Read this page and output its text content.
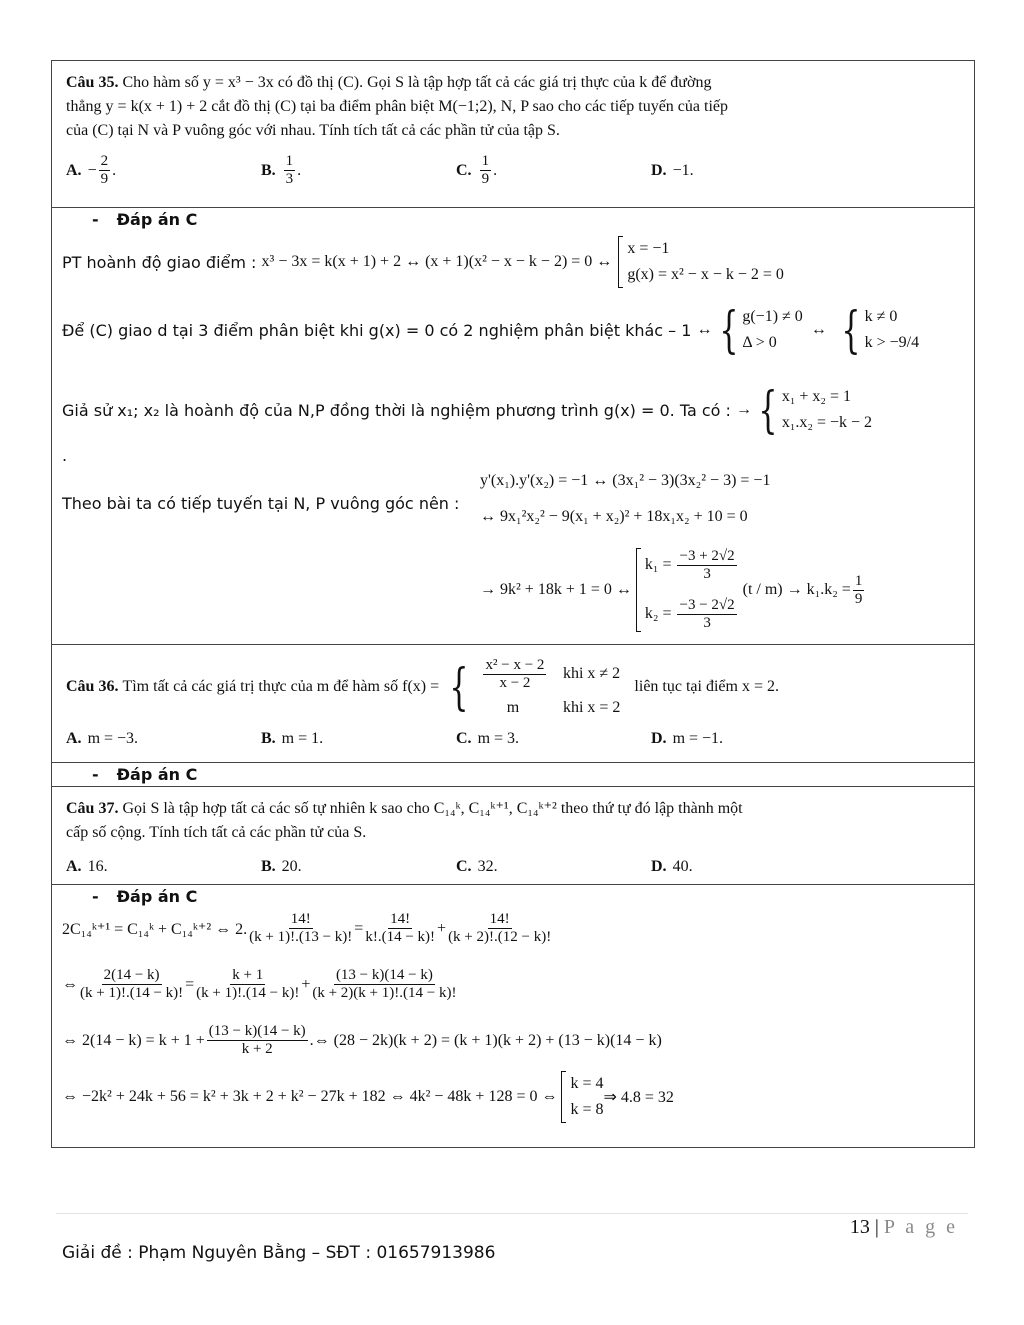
Câu 35. Cho hàm số y = x³ − 3x có đồ thị (C). Gọi S là tập hợp tất cả các giá trị thực của k để đường
thẳng y = k(x + 1) + 2 cắt đồ thị (C) tại ba điểm phân biệt M(−1;2), N, P sao cho các tiếp tuyến của tiếp
của (C) tại N và P vuông góc với nhau. Tính tích tất cả các phần tử của tập S.
A. − $\frac{2}{9}$ .	B. $\frac{1}{3}$ .	C. $\frac{1}{9}$ .	D. −1.
- Đáp án C
PT hoành độ giao điểm :
x³ − 3x = k(x + 1) + 2 ↔ (x + 1)(x² − x − k − 2) = 0 ↔
x = −1
g(x) = x² − x − k − 2 = 0
Để (C) giao d tại 3 điểm phân biệt khi g(x) = 0 có 2 nghiệm phân biệt khác – 1
↔ { g(−1) ≠ 0
Δ > 0
↔ { k ≠ 0
k > −9/4
Giả sử x₁; x₂ là hoành độ của N,P đồng thời là nghiệm phương trình g(x) = 0. Ta có :
→ { x₁ + x₂ = 1
x₁.x₂ = −k − 2
.
Theo bài ta có tiếp tuyến tại N, P vuông góc nên :
y'(x₁).y'(x₂) = −1 ↔ (3x₁² − 3)(3x₂² − 3) = −1
↔ 9x₁²x₂² − 9(x₁ + x₂)² + 18x₁x₂ + 10 = 0
→ 9k² + 18k + 1 = 0 ↔
$k_1 = \frac{-3 + 2√2}{3}$
$k_2 = \frac{-3 - 2√2}{3}$
$(t / m) \to k_1.k_2 = \frac{1}{9}$
Câu 36.
Tìm tất cả các giá trị thực của m để hàm số f(x) = { $\frac{\text{x² − x − 2}}{x - 2}$ khi x ≠ 2
m	khi x = 2
liên tục tại điểm x = 2.
A. m = −3.	B. m = 1.	C. m = 3.	D. m = −1.
- Đáp án C
Câu 37. Gọi S là tập hợp tất cả các số tự nhiên k sao cho C₁₄ᵏ, C₁₄ᵏ⁺¹, C₁₄ᵏ⁺² theo thứ tự đó lập thành một
cấp số cộng. Tính tích tất cả các phần tử của S.
A. 16.	B. 20.	C. 32.	D. 40.
- Đáp án C
2C₁₄ᵏ⁺¹ = C₁₄ᵏ + C₁₄ᵏ⁺² ⇔ 2. $\frac{14!}{(k + 1)!.(13 - k)!} = \frac{14!}{k!.(14 - k)!} + \frac{14!}{(k + 2)!.(12 - k)!}$
⇔ $\frac{2(14 - k)}{(k + 1)!.(14 - k)!} = \frac{k + 1}{(k + 1)!.(14 - k)!} + \frac{(13 - k)(14 - k)}{(k + 2)(k + 1)!.(14 - k)!}$
⇔ $2(14 - k) = k + 1 + \frac{(13 - k)(14 - k)}{k + 2}$ .⇔ (28 − 2k)(k + 2) = (k + 1)(k + 2) + (13 − k)(14 − k)
⇔ −2k² + 24k + 56 = k² + 3k + 2 + k² − 27k + 182 ⇔ 4k² − 48k + 128 = 0 ⇔
k = 4
k = 8
⇒ 4.8 = 32
13 | P a g e
Giải đề : Phạm Nguyên Bằng – SĐT : 01657913986
